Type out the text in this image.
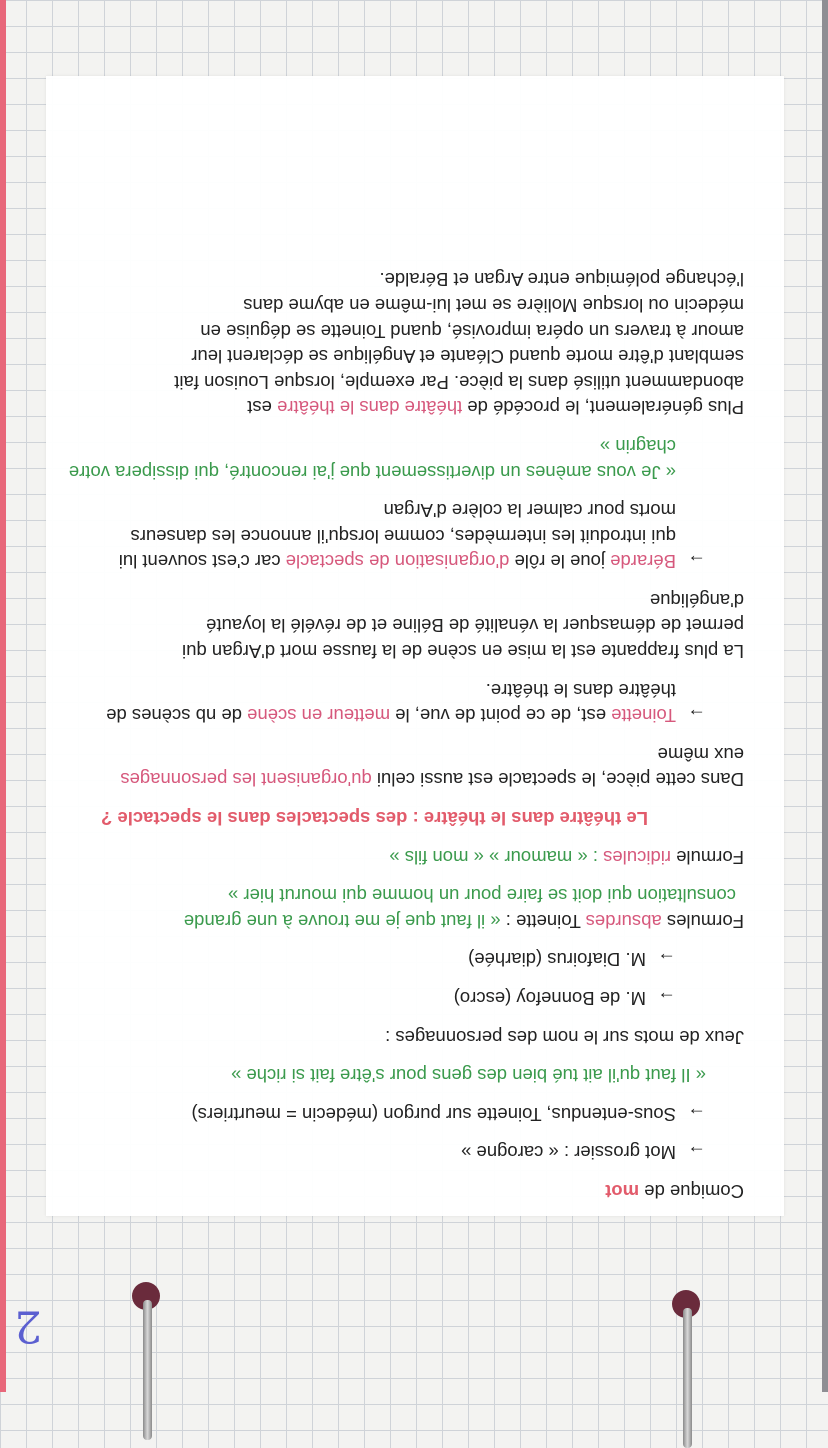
2

Comique de mot

→Mot grossier : « carogne »

→Sous-entendus, Toinette sur purgon (médecin = meurtriers)

« Il faut qu'il ait tué bien des gens pour s'être fait si riche »

Jeux de mots sur le nom des personnages :

→M. de Bonnefoy (escro)

→M. Diafoirus (diarhée)

Formules absurdes Toinette : « il faut que je me trouve à une grande

consultation qui doit se faire pour un homme qui mourut hier »

Formule ridicules : « mamour » « mon fils »

Le théâtre dans le théâtre : des spectacles dans le spectacle ?

Dans cette pièce, le spectacle est aussi celui qu'organisent les personnages

eux même

→Toinette est, de ce point de vue, le metteur en scène de nb scènes de

théâtre dans le théâtre.

La plus frappante est la mise en scène de la fausse mort d'Argan qui

permet de démasquer la vénalité de Béline et de révélé la loyauté

d'angélique

→Bérarde joue le rôle d'organisation de spectacle car c'est souvent lui

qui introduit les intermèdes, comme lorsqu'il annonce les danseurs

morts pour calmer la colère d'Argan

« Je vous amènes un divertissement que j'ai rencontré, qui dissipera votre

chagrin »

Plus généralement, le procédé de théâtre dans le théâtre est

abondamment utilisé dans la pièce. Par exemple, lorsque Louison fait

semblant d'être morte quand Cléante et Angélique se déclarent leur

amour à travers un opéra improvisé, quand Toinette se déguise en

médecin ou lorsque Molière se met lui-même en abyme dans

l'échange polémique entre Argan et Béralde.
